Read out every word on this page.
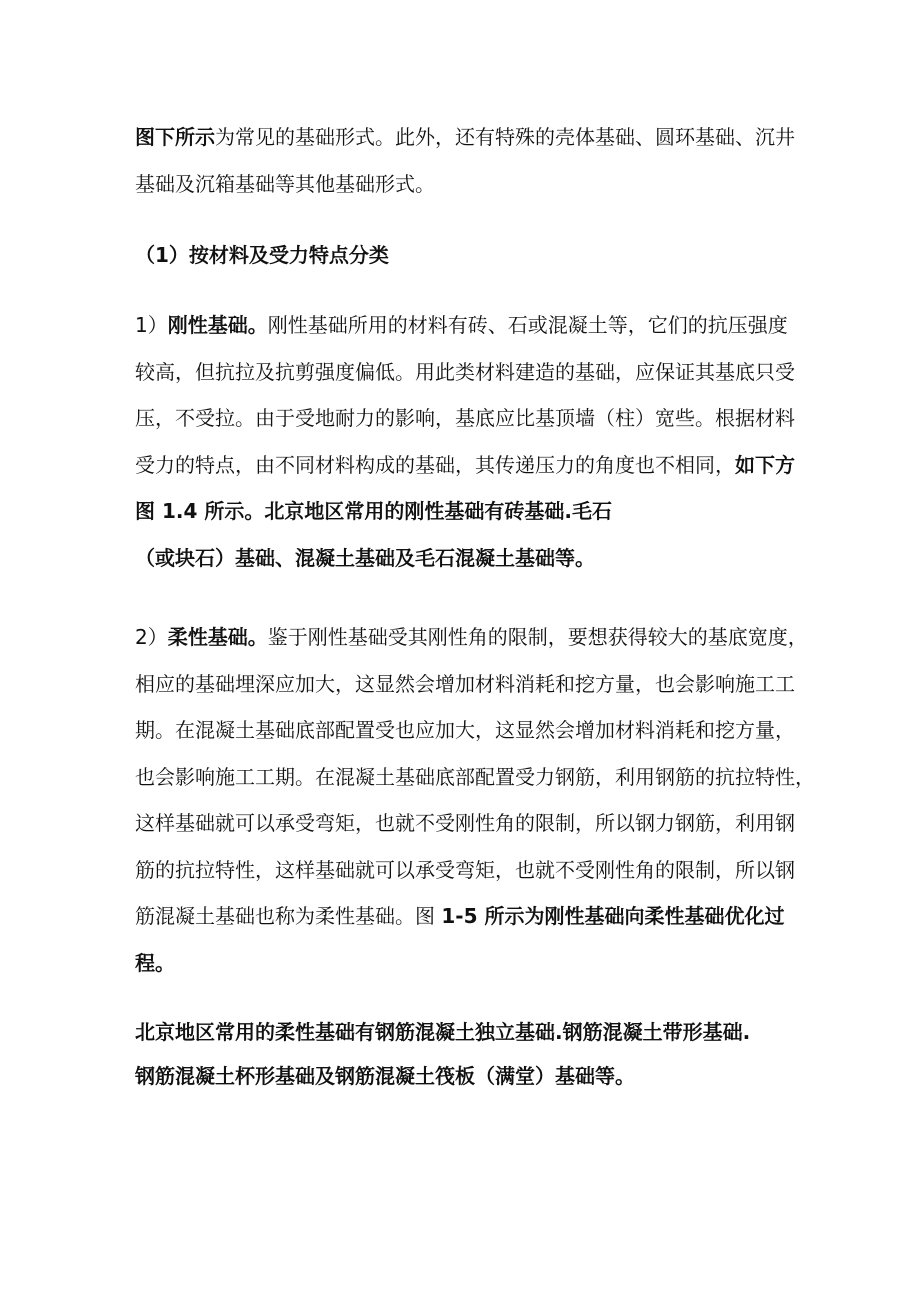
图下所示为常见的基础形式。此外，还有特殊的壳体基础、圆环基础、沉井
基础及沉箱基础等其他基础形式。
（1）按材料及受力特点分类
1）刚性基础。刚性基础所用的材料有砖、石或混凝土等，它们的抗压强度
较高，但抗拉及抗剪强度偏低。用此类材料建造的基础，应保证其基底只受
压，不受拉。由于受地耐力的影响，基底应比基顶墙（柱）宽些。根据材料
受力的特点，由不同材料构成的基础，其传递压力的角度也不相同，如下方
图 1.4 所示。北京地区常用的刚性基础有砖基础.毛石
（或块石）基础、混凝土基础及毛石混凝土基础等。
2）柔性基础。鉴于刚性基础受其刚性角的限制，要想获得较大的基底宽度，
相应的基础埋深应加大，这显然会增加材料消耗和挖方量，也会影响施工工
期。在混凝土基础底部配置受也应加大，这显然会增加材料消耗和挖方量，
也会影响施工工期。在混凝土基础底部配置受力钢筋，利用钢筋的抗拉特性，
这样基础就可以承受弯矩，也就不受刚性角的限制，所以钢力钢筋，利用钢
筋的抗拉特性，这样基础就可以承受弯矩，也就不受刚性角的限制，所以钢
筋混凝土基础也称为柔性基础。图 1-5 所示为刚性基础向柔性基础优化过
程。
北京地区常用的柔性基础有钢筋混凝土独立基础.钢筋混凝土带形基础.
钢筋混凝土杯形基础及钢筋混凝土筏板（满堂）基础等。
